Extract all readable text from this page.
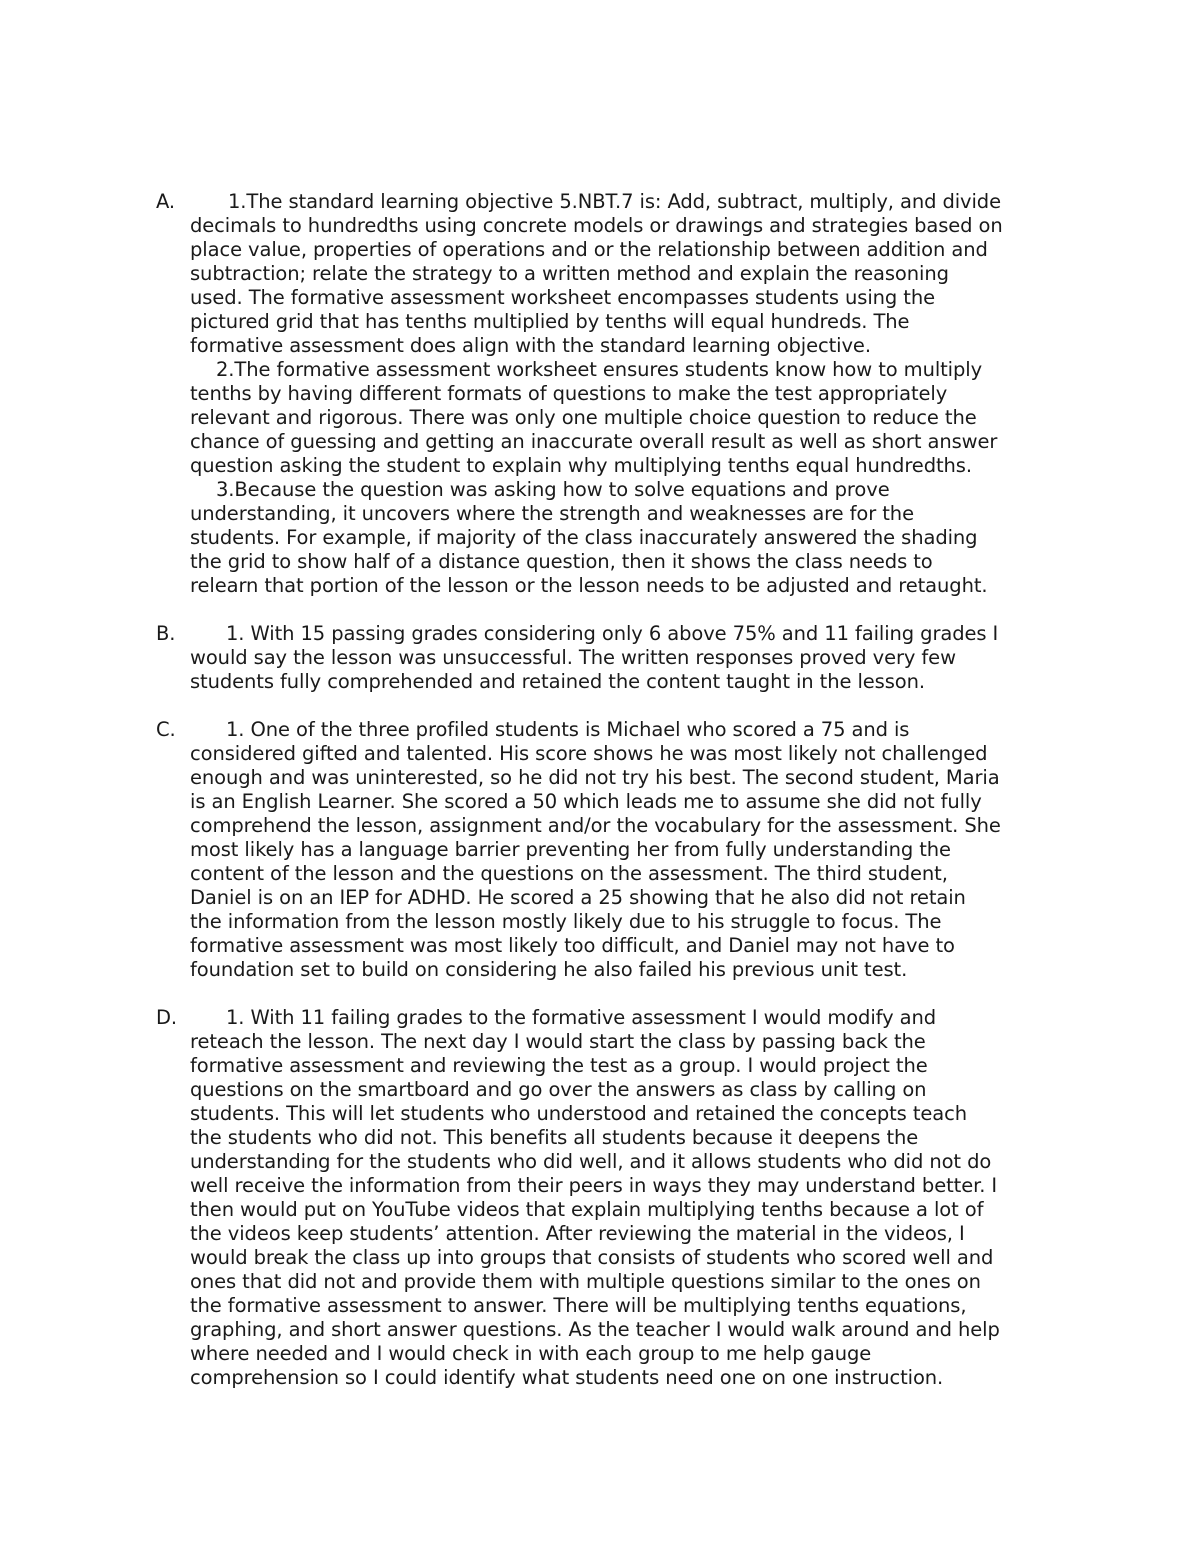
A.	1.The standard learning objective 5.NBT.7 is: Add, subtract, multiply, and divide
decimals to hundredths using concrete models or drawings and strategies based on
place value, properties of operations and or the relationship between addition and
subtraction; relate the strategy to a written method and explain the reasoning
used. The formative assessment worksheet encompasses students using the
pictured grid that has tenths multiplied by tenths will equal hundreds. The
formative assessment does align with the standard learning objective.
2.The formative assessment worksheet ensures students know how to multiply
tenths by having different formats of questions to make the test appropriately
relevant and rigorous. There was only one multiple choice question to reduce the
chance of guessing and getting an inaccurate overall result as well as short answer
question asking the student to explain why multiplying tenths equal hundredths.
3.Because the question was asking how to solve equations and prove
understanding, it uncovers where the strength and weaknesses are for the
students. For example, if majority of the class inaccurately answered the shading
the grid to show half of a distance question, then it shows the class needs to
relearn that portion of the lesson or the lesson needs to be adjusted and retaught.
B.	1. With 15 passing grades considering only 6 above 75% and 11 failing grades I
would say the lesson was unsuccessful. The written responses proved very few
students fully comprehended and retained the content taught in the lesson.
C.	1. One of the three profiled students is Michael who scored a 75 and is
considered gifted and talented. His score shows he was most likely not challenged
enough and was uninterested, so he did not try his best. The second student, Maria
is an English Learner. She scored a 50 which leads me to assume she did not fully
comprehend the lesson, assignment and/or the vocabulary for the assessment. She
most likely has a language barrier preventing her from fully understanding the
content of the lesson and the questions on the assessment. The third student,
Daniel is on an IEP for ADHD. He scored a 25 showing that he also did not retain
the information from the lesson mostly likely due to his struggle to focus. The
formative assessment was most likely too difficult, and Daniel may not have to
foundation set to build on considering he also failed his previous unit test.
D.	1. With 11 failing grades to the formative assessment I would modify and
reteach the lesson. The next day I would start the class by passing back the
formative assessment and reviewing the test as a group. I would project the
questions on the smartboard and go over the answers as class by calling on
students. This will let students who understood and retained the concepts teach
the students who did not. This benefits all students because it deepens the
understanding for the students who did well, and it allows students who did not do
well receive the information from their peers in ways they may understand better. I
then would put on YouTube videos that explain multiplying tenths because a lot of
the videos keep students’ attention. After reviewing the material in the videos, I
would break the class up into groups that consists of students who scored well and
ones that did not and provide them with multiple questions similar to the ones on
the formative assessment to answer. There will be multiplying tenths equations,
graphing, and short answer questions. As the teacher I would walk around and help
where needed and I would check in with each group to me help gauge
comprehension so I could identify what students need one on one instruction.
